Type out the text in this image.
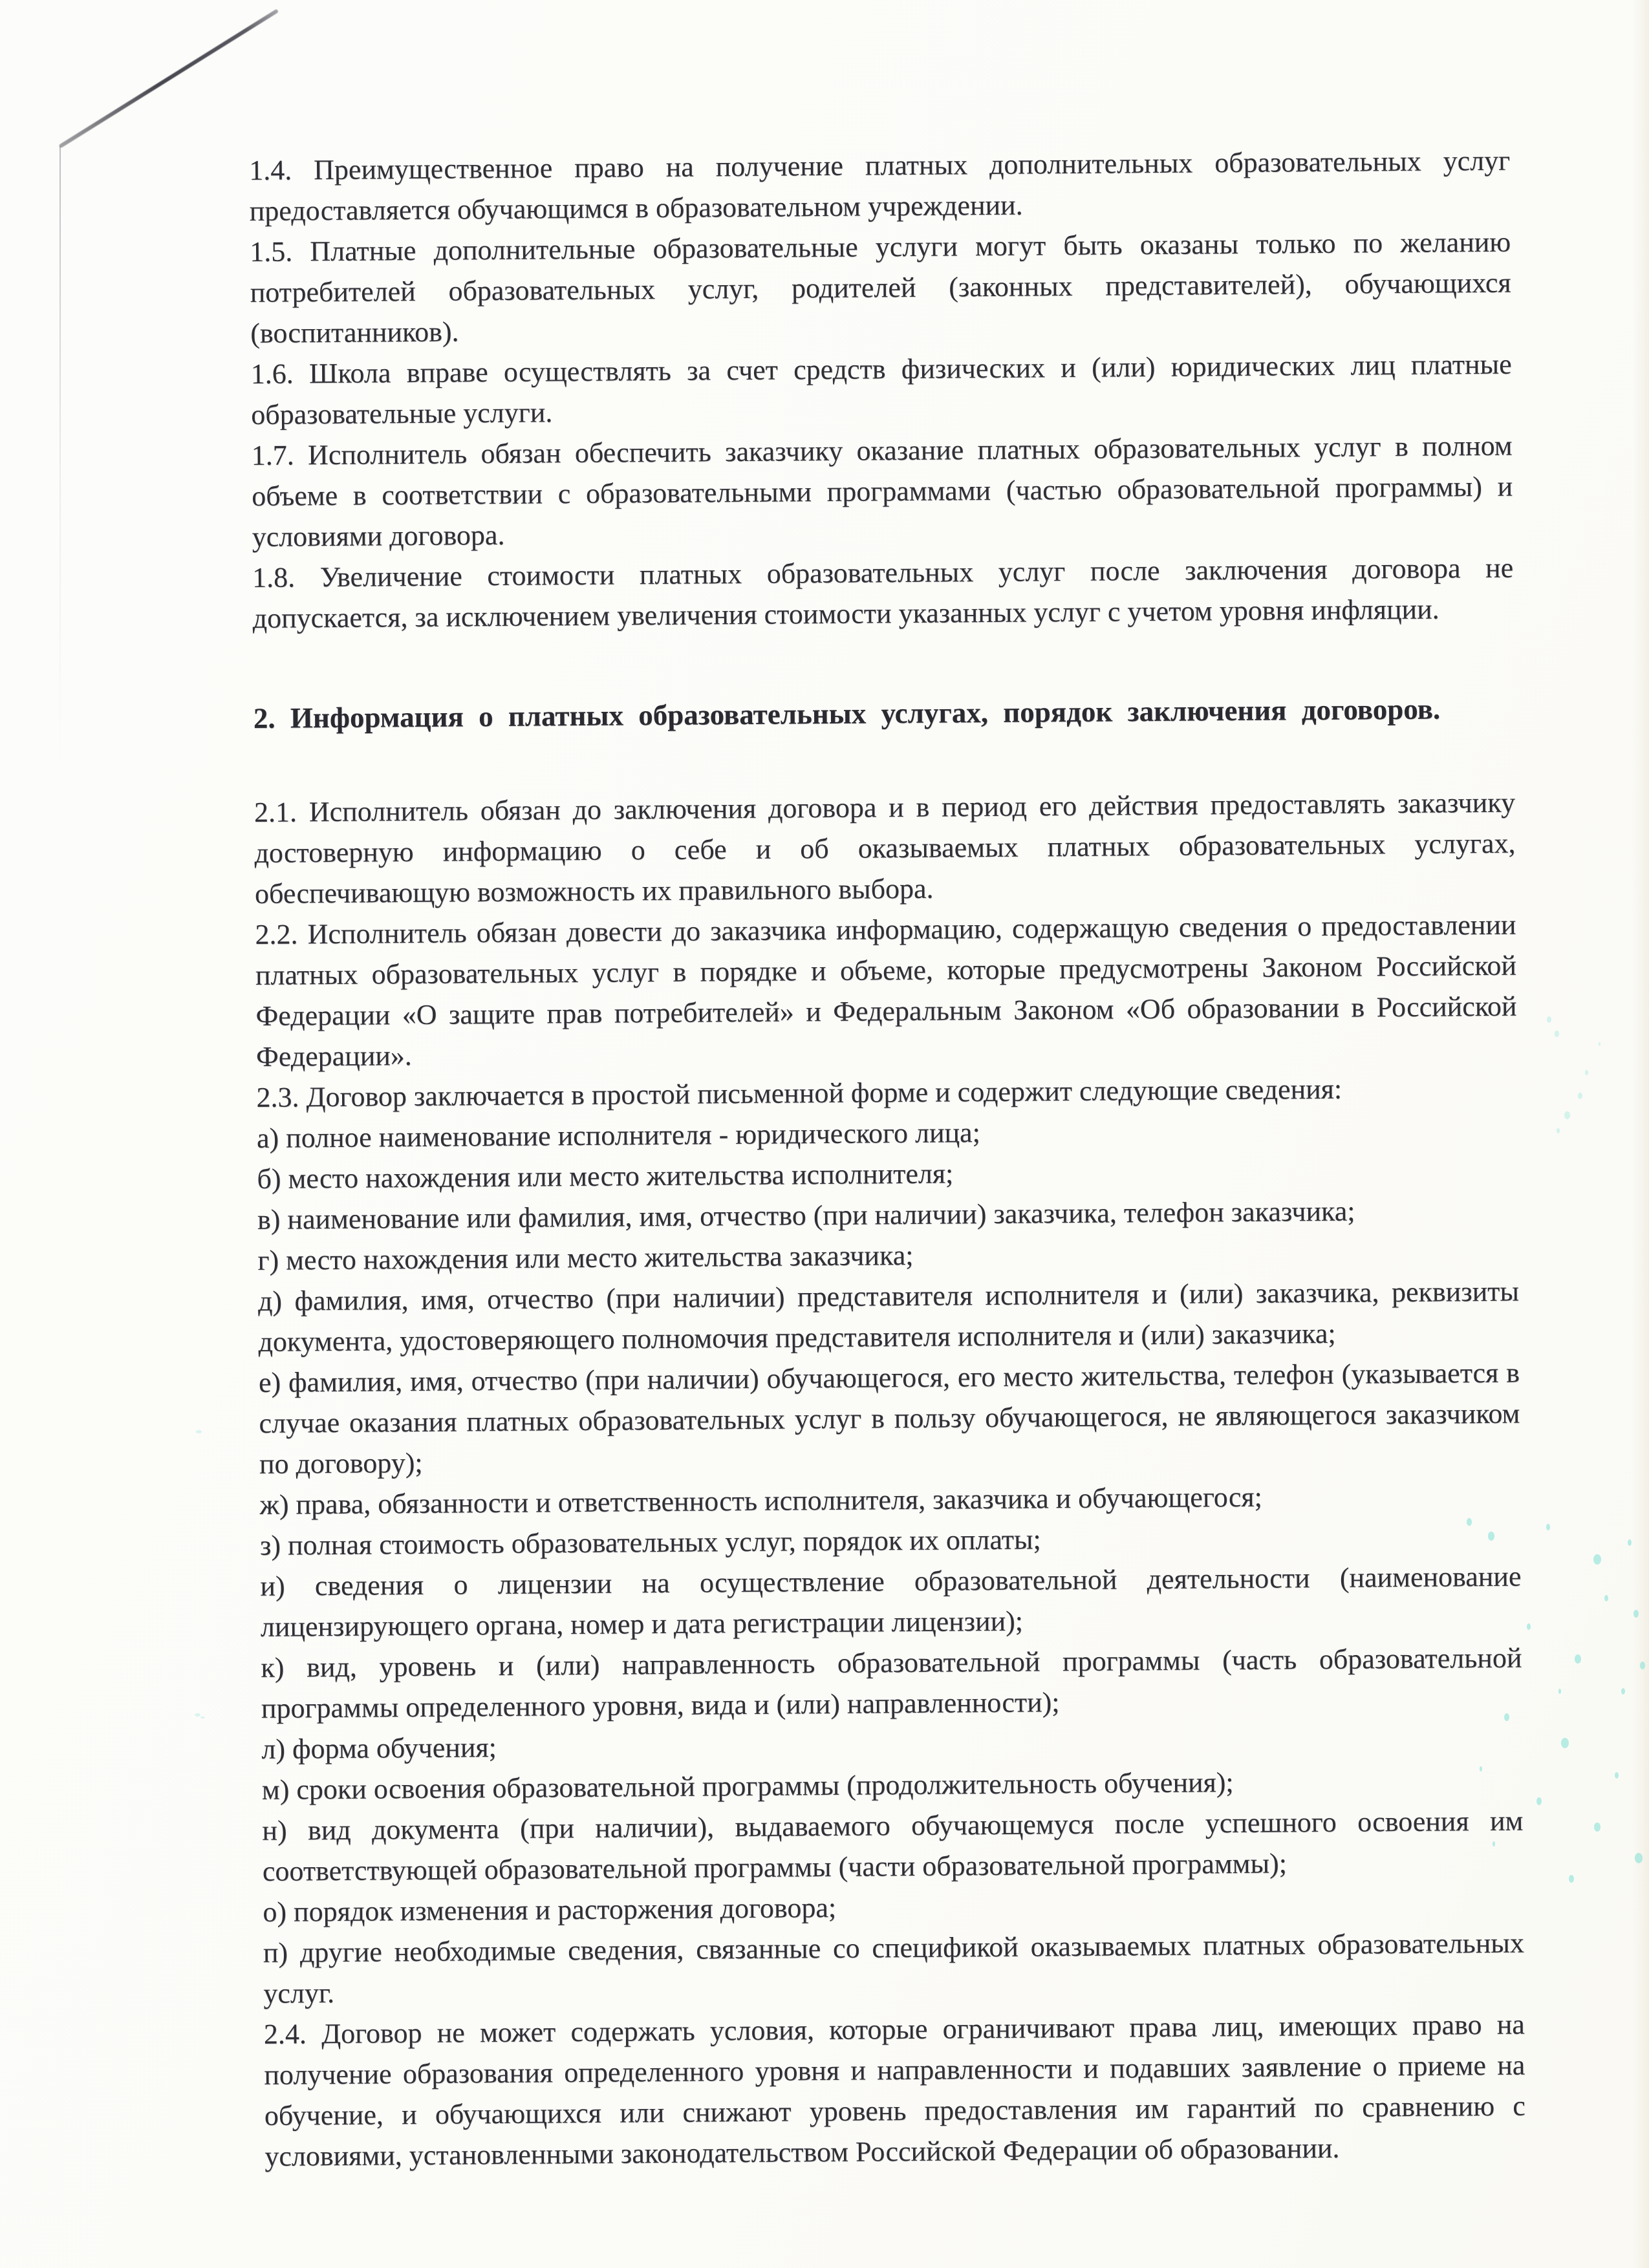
1.4. Преимущественное право на получение платных дополнительных образовательных услуг предоставляется обучающимся в образовательном учреждении.

1.5. Платные дополнительные образовательные услуги могут быть оказаны только по желанию потребителей образовательных услуг, родителей (законных представителей), обучающихся (воспитанников).

1.6. Школа вправе осуществлять за счет средств физических и (или) юридических лиц платные образовательные услуги.

1.7. Исполнитель обязан обеспечить заказчику оказание платных образовательных услуг в полном объеме в соответствии с образовательными программами (частью образовательной программы) и условиями договора.

1.8. Увеличение стоимости платных образовательных услуг после заключения договора не допускается, за исключением увеличения стоимости указанных услуг с учетом уровня инфляции.

2. Информация о платных образовательных услугах, порядок заключения договоров.

2.1. Исполнитель обязан до заключения договора и в период его действия предоставлять заказчику достоверную информацию о себе и об оказываемых платных образовательных услугах, обеспечивающую возможность их правильного выбора.

2.2. Исполнитель обязан довести до заказчика информацию, содержащую сведения о предоставлении платных образовательных услуг в порядке и объеме, которые предусмотрены Законом Российской Федерации «О защите прав потребителей» и Федеральным Законом «Об образовании в Российской Федерации».

2.3. Договор заключается в простой письменной форме и содержит следующие сведения:

а) полное наименование исполнителя - юридического лица;

б) место нахождения или место жительства исполнителя;

в) наименование или фамилия, имя, отчество (при наличии) заказчика, телефон заказчика;

г) место нахождения или место жительства заказчика;

д) фамилия, имя, отчество (при наличии) представителя исполнителя и (или) заказчика, реквизиты документа, удостоверяющего полномочия представителя исполнителя и (или) заказчика;

е) фамилия, имя, отчество (при наличии) обучающегося, его место жительства, телефон (указывается в случае оказания платных образовательных услуг в пользу обучающегося, не являющегося заказчиком по договору);

ж) права, обязанности и ответственность исполнителя, заказчика и обучающегося;

з) полная стоимость образовательных услуг, порядок их оплаты;

и) сведения о лицензии на осуществление образовательной деятельности (наименование лицензирующего органа, номер и дата регистрации лицензии);

к) вид, уровень и (или) направленность образовательной программы (часть образовательной программы определенного уровня, вида и (или) направленности);

л) форма обучения;

м) сроки освоения образовательной программы (продолжительность обучения);

н) вид документа (при наличии), выдаваемого обучающемуся после успешного освоения им соответствующей образовательной программы (части образовательной программы);

о) порядок изменения и расторжения договора;

п) другие необходимые сведения, связанные со спецификой оказываемых платных образовательных услуг.

2.4. Договор не может содержать условия, которые ограничивают права лиц, имеющих право на получение образования определенного уровня и направленности и подавших заявление о приеме на обучение, и обучающихся или снижают уровень предоставления им гарантий по сравнению с условиями, установленными законодательством Российской Федерации об образовании.
